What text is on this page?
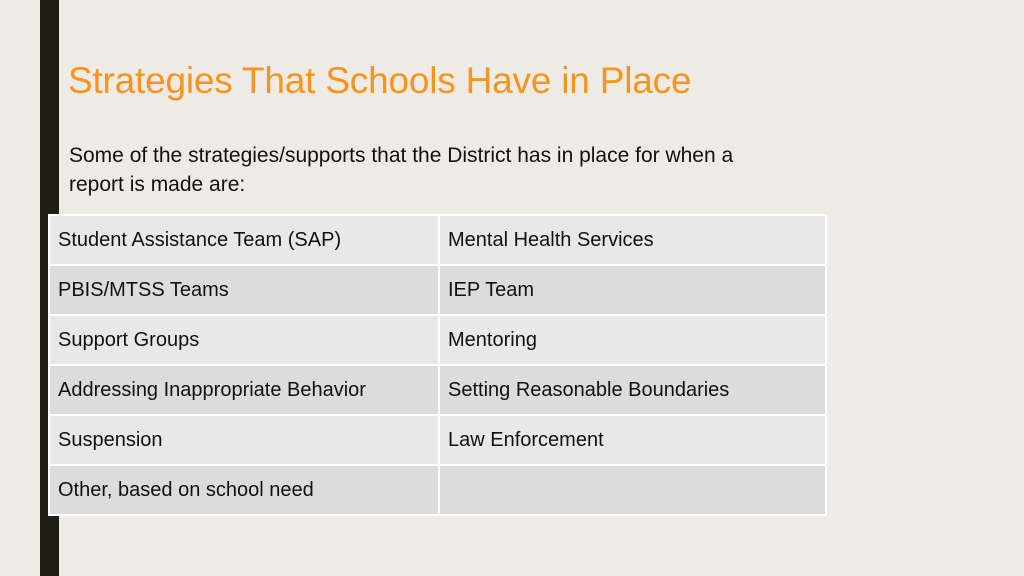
Strategies That Schools Have in Place
Some of the strategies/supports that the District has in place for when a report is made are:
Student Assistance Team (SAP)	Mental Health Services
PBIS/MTSS Teams	IEP Team
Support Groups	Mentoring
Addressing Inappropriate Behavior	Setting Reasonable Boundaries
Suspension	Law Enforcement
Other, based on school need	
